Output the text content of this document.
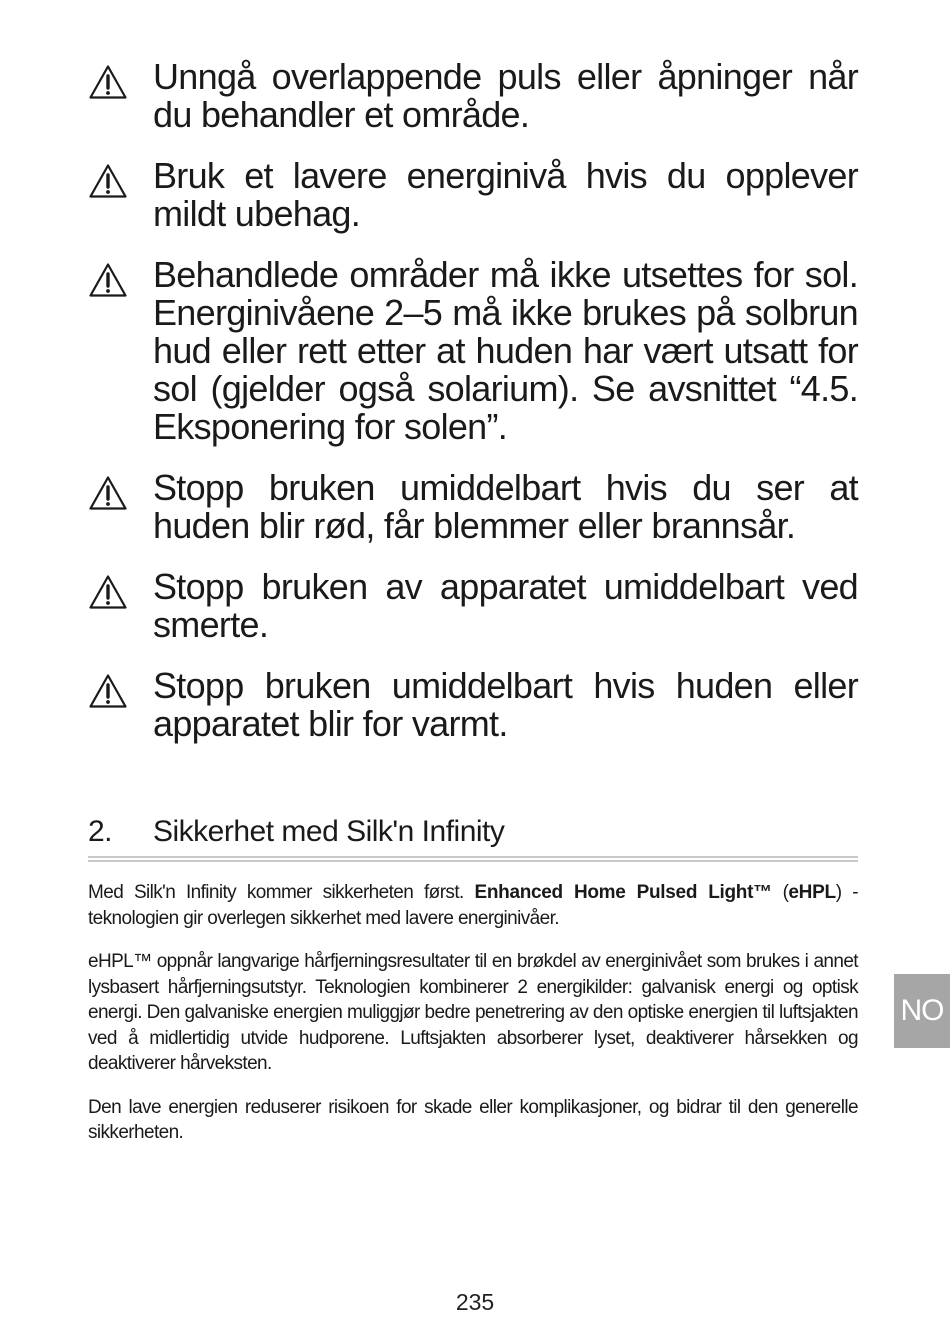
Unngå overlappende puls eller åpninger når du behandler et område.
Bruk et lavere energinivå hvis du opplever mildt ubehag.
Behandlede områder må ikke utsettes for sol. Energinivåene 2–5 må ikke brukes på solbrun hud eller rett etter at huden har vært utsatt for sol (gjelder også solarium). Se avsnittet “4.5. Eksponering for solen”.
Stopp bruken umiddelbart hvis du ser at huden blir rød, får blemmer eller brannsår.
Stopp bruken av apparatet umiddelbart ved smerte.
Stopp bruken umiddelbart hvis huden eller apparatet blir for varmt.
2. Sikkerhet med Silk'n Infinity

Med Silk'n Infinity kommer sikkerheten først. Enhanced Home Pulsed Light™ (eHPL) -teknologien gir overlegen sikkerhet med lavere energinivåer.

eHPL™ oppnår langvarige hårfjerningsresultater til en brøkdel av energinivået som brukes i annet lysbasert hårfjerningsutstyr. Teknologien kombinerer 2 energikilder: galvanisk energi og optisk energi. Den galvaniske energien muliggjør bedre penetrering av den optiske energien til luftsjakten ved å midlertidig utvide hudporene. Luftsjakten absorberer lyset, deaktiverer hårsekken og deaktiverer hårveksten.

Den lave energien reduserer risikoen for skade eller komplikasjoner, og bidrar til den generelle sikkerheten.

NO
235
